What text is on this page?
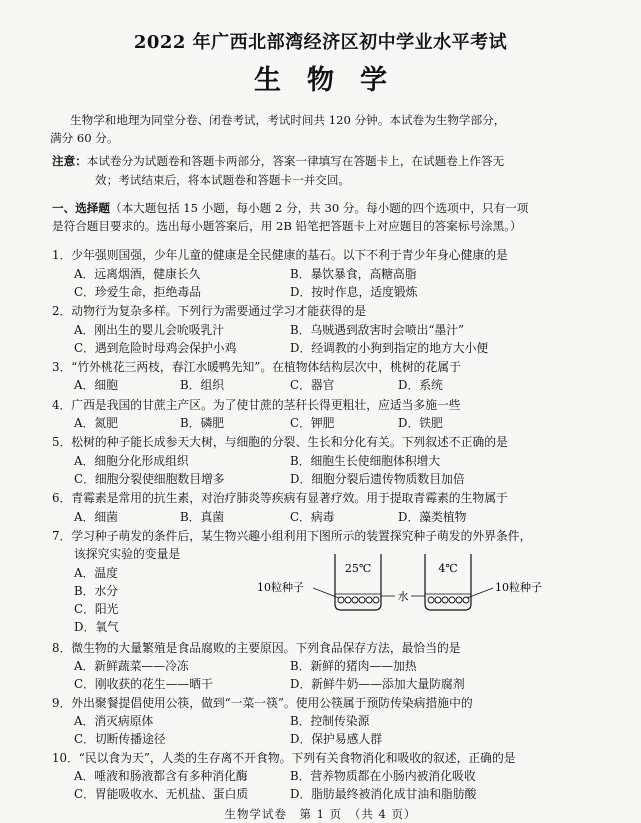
2022 年广西北部湾经济区初中学业水平考试
生物学
生物学和地理为同堂分卷、闭卷考试，考试时间共 120 分钟。本试卷为生物学部分，
满分 60 分。
注意：本试卷分为试题卷和答题卡两部分，答案一律填写在答题卡上，在试题卷上作答无
效；考试结束后，将本试题卷和答题卡一并交回。
一、选择题（本大题包括 15 小题，每小题 2 分，共 30 分。每小题的四个选项中，只有一项
是符合题目要求的。选出每小题答案后，用 2B 铅笔把答题卡上对应题目的答案标号涂黑。）
1．少年强则国强，少年儿童的健康是全民健康的基石。以下不利于青少年身心健康的是
A．远离烟酒，健康长久	B．暴饮暴食，高糖高脂
C．珍爱生命，拒绝毒品	D．按时作息，适度锻炼
2．动物行为复杂多样。下列行为需要通过学习才能获得的是
A．刚出生的婴儿会吮吸乳汁	B．乌贼遇到敌害时会喷出“墨汁”
C．遇到危险时母鸡会保护小鸡	D．经调教的小狗到指定的地方大小便
3．“竹外桃花三两枝，春江水暖鸭先知”。在植物体结构层次中，桃树的花属于
A．细胞	B．组织	C．器官	D．系统
4．广西是我国的甘蔗主产区。为了使甘蔗的茎秆长得更粗壮，应适当多施一些
A．氮肥	B．磷肥	C．钾肥	D．铁肥
5．松树的种子能长成参天大树，与细胞的分裂、生长和分化有关。下列叙述不正确的是
A．细胞分化形成组织	B．细胞生长使细胞体积增大
C．细胞分裂使细胞数目增多	D．细胞分裂后遗传物质数目加倍
6．青霉素是常用的抗生素，对治疗肺炎等疾病有显著疗效。用于提取青霉素的生物属于
A．细菌	B．真菌	C．病毒	D．藻类植物
7．学习种子萌发的条件后，某生物兴趣小组利用下图所示的装置探究种子萌发的外界条件，
该探究实验的变量是
A．温度
B．水分
C．阳光
D．氧气
25℃	4℃
10粒种子	10粒种子
水
8．微生物的大量繁殖是食品腐败的主要原因。下列食品保存方法，最恰当的是
A．新鲜蔬菜——冷冻	B．新鲜的猪肉——加热
C．刚收获的花生——晒干	D．新鲜牛奶——添加大量防腐剂
9．外出聚餐提倡使用公筷，做到“一菜一筷”。使用公筷属于预防传染病措施中的
A．消灭病原体	B．控制传染源
C．切断传播途径	D．保护易感人群
10．“民以食为天”，人类的生存离不开食物。下列有关食物消化和吸收的叙述，正确的是
A．唾液和肠液都含有多种消化酶	B．营养物质都在小肠内被消化吸收
C．胃能吸收水、无机盐、蛋白质	D．脂肪最终被消化成甘油和脂肪酸
生物学试卷　第 1 页　（共 4 页）
